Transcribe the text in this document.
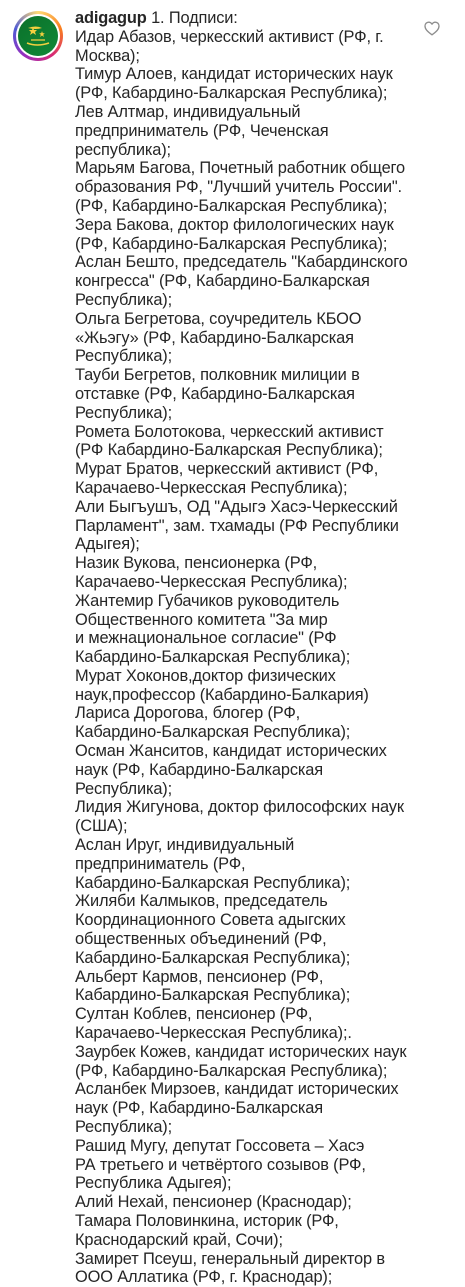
adigagup 1. Подписи:
Идар Абазов, черкесский активист (РФ, г.
Москва);
Тимур Алоев, кандидат исторических наук
(РФ, Кабардино-Балкарская Республика);
Лев Алтмар, индивидуальный
предприниматель (РФ, Чеченская
республика);
Марьям Багова, Почетный работник общего
образования РФ, "Лучший учитель России".
(РФ, Кабардино-Балкарская Республика);
Зера Бакова, доктор филологических наук
(РФ, Кабардино-Балкарская Республика);
Аслан Бешто, председатель "Кабардинского
конгресса" (РФ, Кабардино-Балкарская
Республика);
Ольга Бегретова, соучредитель КБОО
«Жьэгу» (РФ, Кабардино-Балкарская
Республика);
Тауби Бегретов, полковник милиции в
отставке (РФ, Кабардино-Балкарская
Республика);
Ромета Болотокова, черкесский активист
(РФ Кабардино-Балкарская Республика);
Мурат Братов, черкесский активист (РФ,
Карачаево-Черкесская Республика);
Али Быгъушъ, ОД "Адыгэ Хасэ-Черкесский
Парламент", зам. тхамады (РФ Республики
Адыгея);
Назик Вукова, пенсионерка (РФ,
Карачаево-Черкесская Республика);
Жантемир Губачиков руководитель
Общественного комитета "За мир
и межнациональное согласие" (РФ
Кабардино-Балкарская Республика);
Мурат Хоконов,доктор физических
наук,профессор (Кабардино-Балкария)
Лариса Дорогова, блогер (РФ,
Кабардино-Балкарская Республика);
Осман Жанситов, кандидат исторических
наук (РФ, Кабардино-Балкарская
Республика);
Лидия Жигунова, доктор философских наук
(США);
Аслан Ируг, индивидуальный
предприниматель (РФ,
Кабардино-Балкарская Республика);
Жиляби Калмыков, председатель
Координационного Совета адыгских
общественных объединений (РФ,
Кабардино-Балкарская Республика);
Альберт Кармов, пенсионер (РФ,
Кабардино-Балкарская Республика);
Султан Коблев, пенсионер (РФ,
Карачаево-Черкесская Республика);.
Заурбек Кожев, кандидат исторических наук
(РФ, Кабардино-Балкарская Республика);
Асланбек Мирзоев, кандидат исторических
наук (РФ, Кабардино-Балкарская
Республика);
Рашид Мугу, депутат Госсовета – Хасэ
РА третьего и четвёртого созывов (РФ,
Республика Адыгея);
Алий Нехай, пенсионер (Краснодар);
Тамара Половинкина, историк (РФ,
Краснодарский край, Сочи);
Замирет Псеуш, генеральный директор в
ООО Аллатика (РФ, г. Краснодар);
